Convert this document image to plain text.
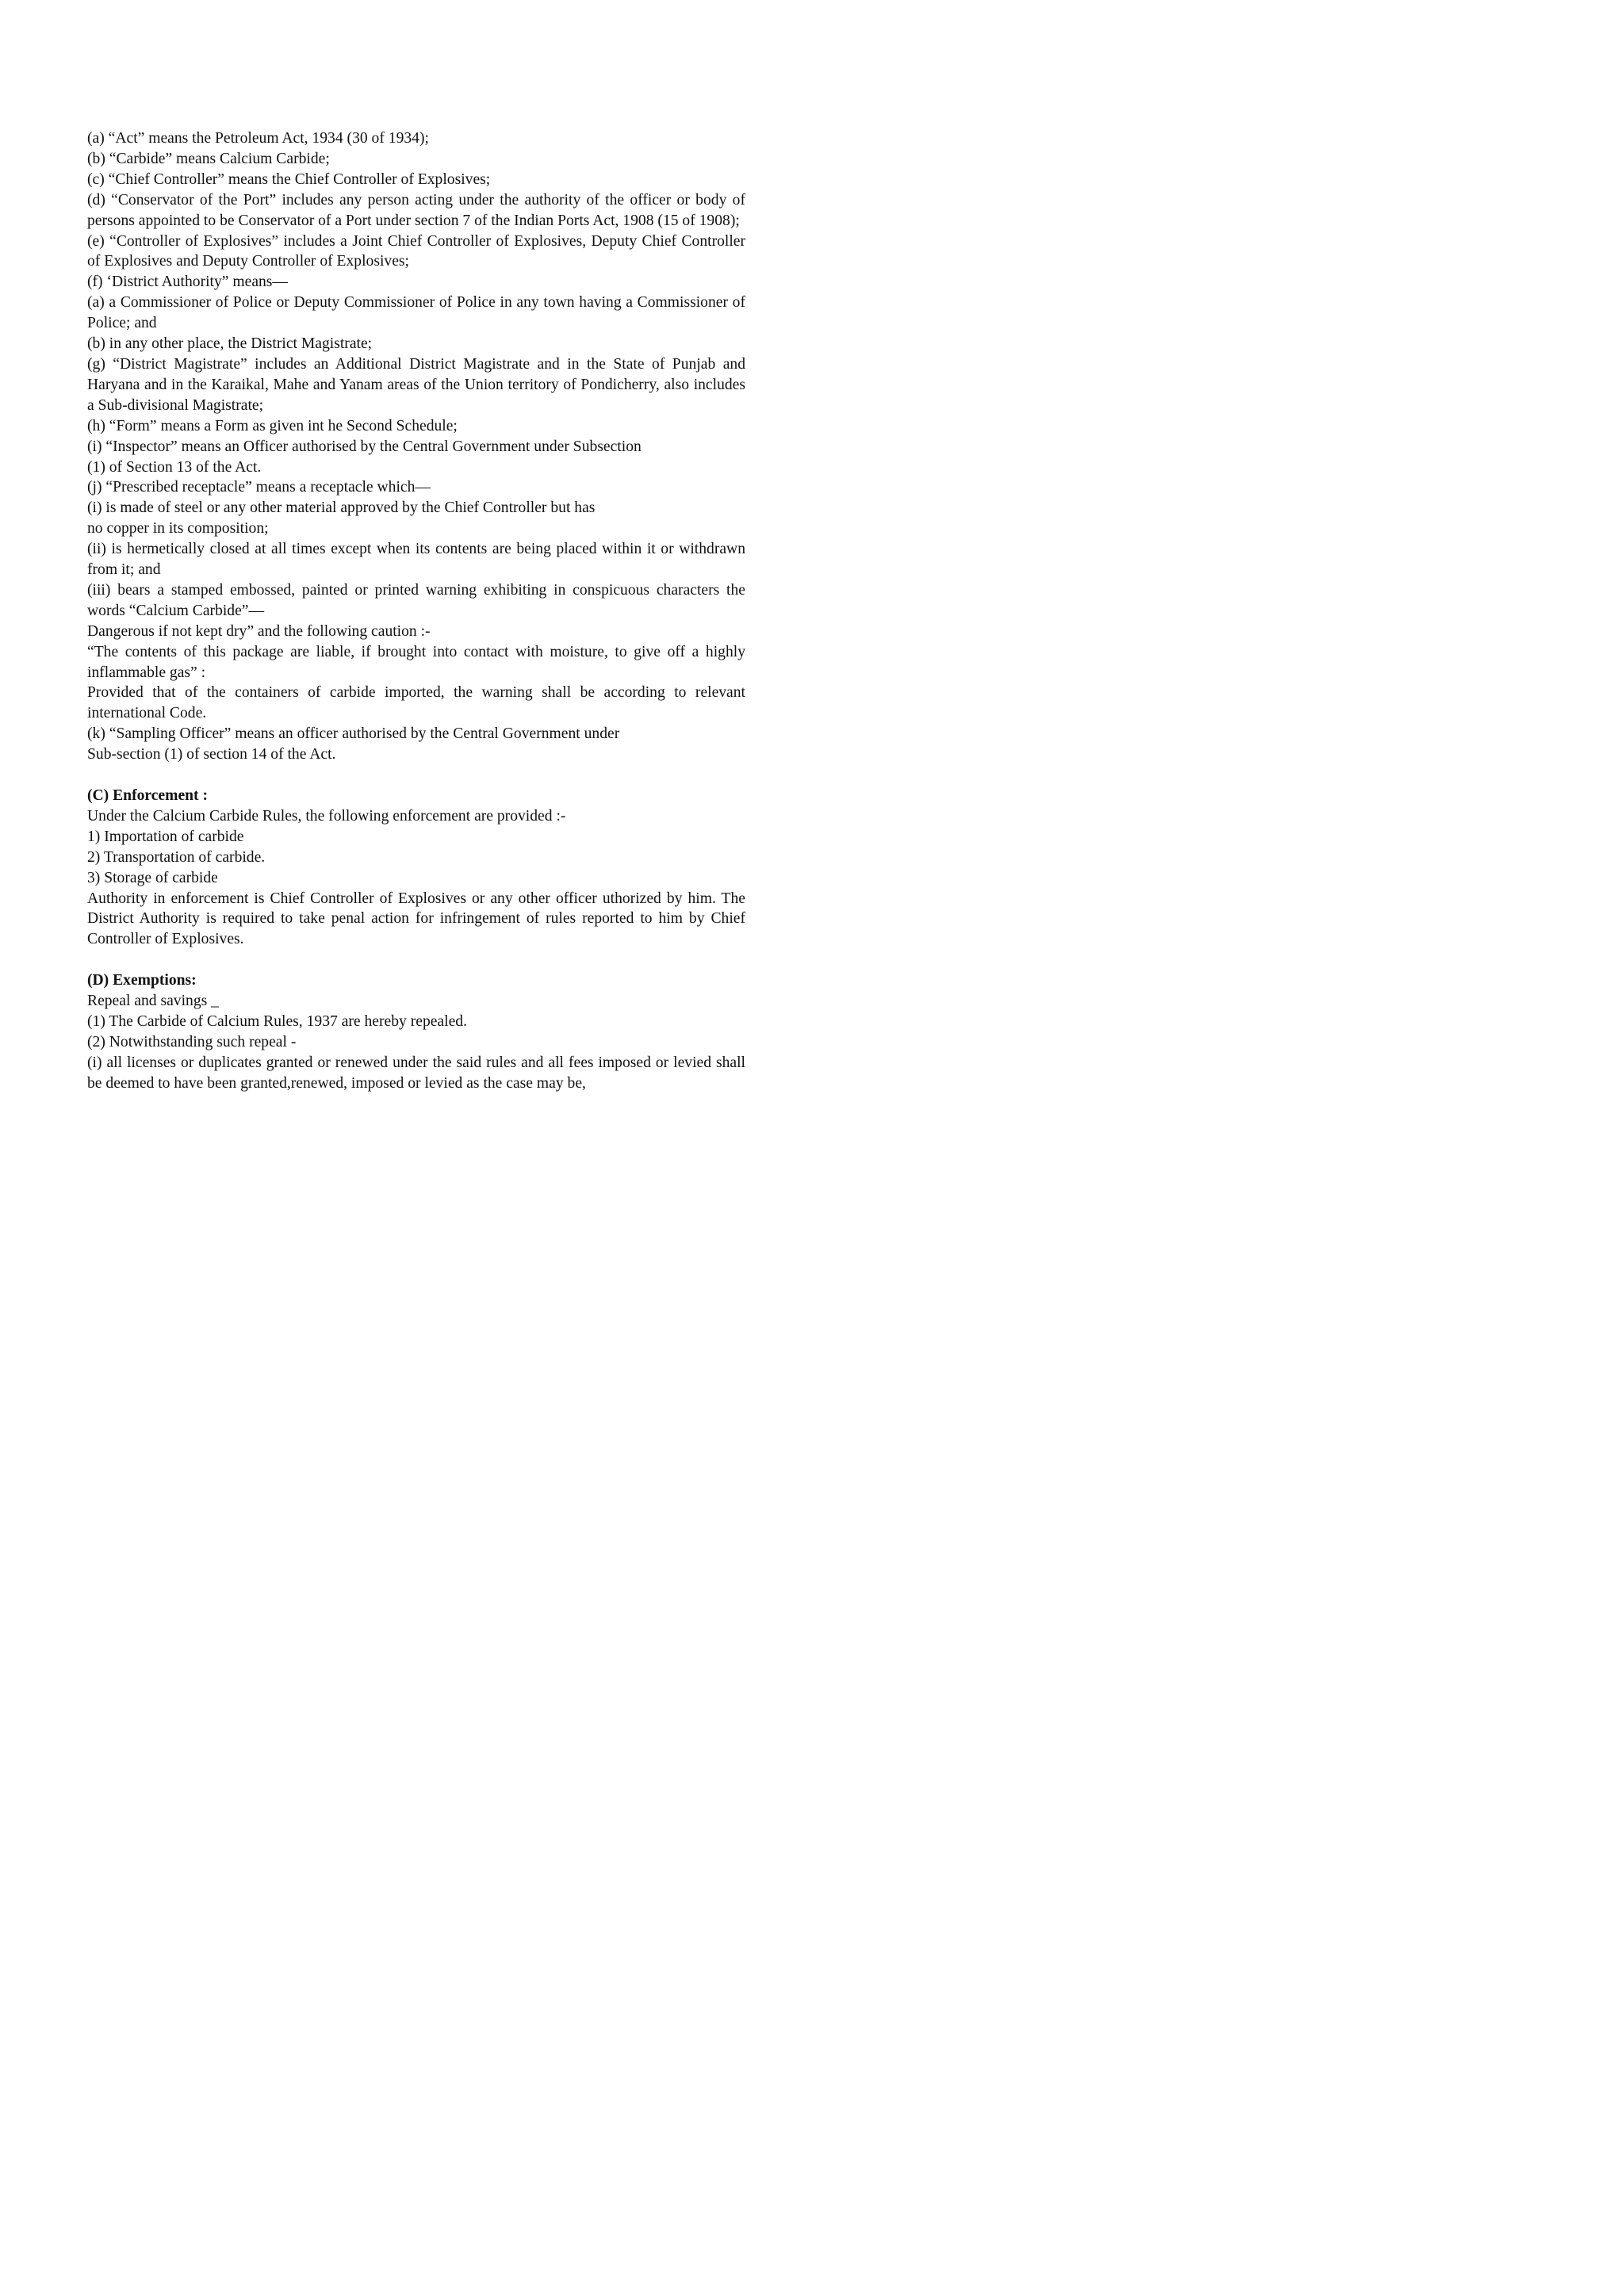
(a) “Act” means the Petroleum Act, 1934 (30 of 1934);

(b) “Carbide” means Calcium Carbide;

(c) “Chief Controller” means the Chief Controller of Explosives;

(d) “Conservator of the Port” includes any person acting under the authority of the officer or body of persons appointed to be Conservator of a Port under section 7 of the Indian Ports Act, 1908 (15 of 1908);

(e) “Controller of Explosives” includes a Joint Chief Controller of Explosives, Deputy Chief Controller of Explosives and Deputy Controller of Explosives;

(f) ‘District Authority” means—

(a) a Commissioner of Police or Deputy Commissioner of Police in any town having a Commissioner of Police; and

(b) in any other place, the District Magistrate;

(g) “District Magistrate” includes an Additional District Magistrate and in the State of Punjab and Haryana and in the Karaikal, Mahe and Yanam areas of the Union territory of Pondicherry, also includes a Sub-divisional Magistrate;

(h) “Form” means a Form as given int he Second Schedule;

(i) “Inspector” means an Officer authorised by the Central Government under Subsection

(1) of Section 13 of the Act.

(j) “Prescribed receptacle” means a receptacle which—

(i) is made of steel or any other material approved by the Chief Controller but has

no copper in its composition;

(ii) is hermetically closed at all times except when its contents are being placed within it or withdrawn from it; and

(iii) bears a stamped embossed, painted or printed warning exhibiting in conspicuous characters the words “Calcium Carbide”—

Dangerous if not kept dry” and the following caution :-

“The contents of this package are liable, if brought into contact with moisture, to give off a highly inflammable gas” :

Provided that of the containers of carbide imported, the warning shall be according to relevant international Code.

(k) “Sampling Officer” means an officer authorised by the Central Government under

Sub-section (1) of section 14 of the Act.

(C) Enforcement :

Under the Calcium Carbide Rules, the following enforcement are provided :-

1) Importation of carbide

2) Transportation of carbide.

3) Storage of carbide

Authority in enforcement is Chief Controller of Explosives or any other officer uthorized by him. The District Authority is required to take penal action for infringement of rules reported to him by Chief Controller of Explosives.

(D) Exemptions:

Repeal and savings _

(1) The Carbide of Calcium Rules, 1937 are hereby repealed.

(2) Notwithstanding such repeal -

(i) all licenses or duplicates granted or renewed under the said rules and all fees imposed or levied shall be deemed to have been granted,renewed, imposed or levied as the case may be,
